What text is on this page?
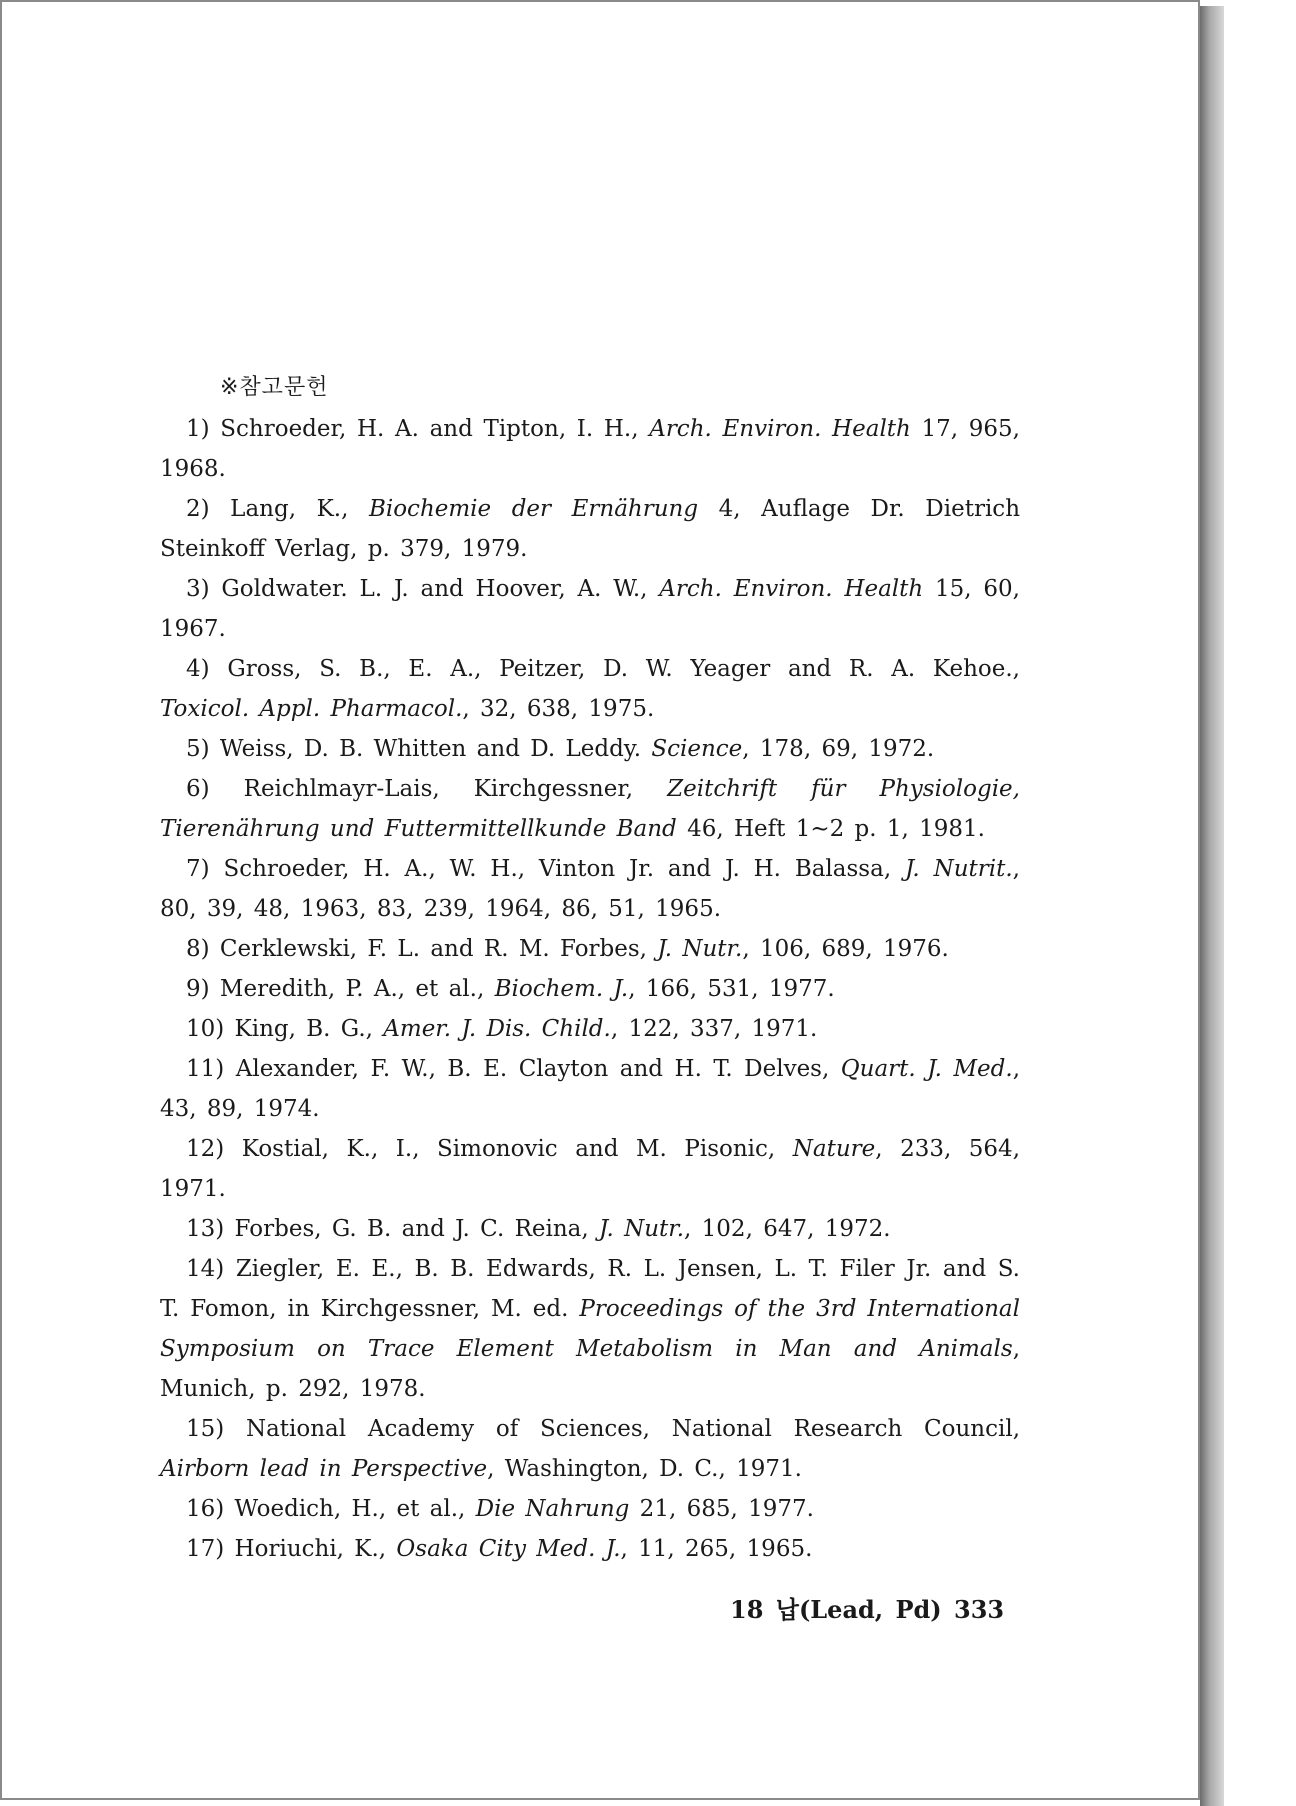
※참고문헌

1) Schroeder, H. A. and Tipton, I. H., Arch. Environ. Health 17, 965, 1968.

2) Lang, K., Biochemie der Ernährung 4, Auflage Dr. Dietrich Steinkoff Verlag, p. 379, 1979.

3) Goldwater. L. J. and Hoover, A. W., Arch. Environ. Health 15, 60, 1967.

4) Gross, S. B., E. A., Peitzer, D. W. Yeager and R. A. Kehoe., Toxicol. Appl. Pharmacol., 32, 638, 1975.

5) Weiss, D. B. Whitten and D. Leddy. Science, 178, 69, 1972.

6) Reichlmayr-Lais, Kirchgessner, Zeitchrift für Physiologie, Tierenährung und Futtermittellkunde Band 46, Heft 1∼2 p. 1, 1981.

7) Schroeder, H. A., W. H., Vinton Jr. and J. H. Balassa, J. Nutrit., 80, 39, 48, 1963, 83, 239, 1964, 86, 51, 1965.

8) Cerklewski, F. L. and R. M. Forbes, J. Nutr., 106, 689, 1976.

9) Meredith, P. A., et al., Biochem. J., 166, 531, 1977.

10) King, B. G., Amer. J. Dis. Child., 122, 337, 1971.

11) Alexander, F. W., B. E. Clayton and H. T. Delves, Quart. J. Med., 43, 89, 1974.

12) Kostial, K., I., Simonovic and M. Pisonic, Nature, 233, 564, 1971.

13) Forbes, G. B. and J. C. Reina, J. Nutr., 102, 647, 1972.

14) Ziegler, E. E., B. B. Edwards, R. L. Jensen, L. T. Filer Jr. and S. T. Fomon, in Kirchgessner, M. ed. Proceedings of the 3rd International Symposium on Trace Element Metabolism in Man and Animals, Munich, p. 292, 1978.

15) National Academy of Sciences, National Research Council, Airborn lead in Perspective, Washington, D. C., 1971.

16) Woedich, H., et al., Die Nahrung 21, 685, 1977.

17) Horiuchi, K., Osaka City Med. J., 11, 265, 1965.

18 납(Lead, Pd) 333
